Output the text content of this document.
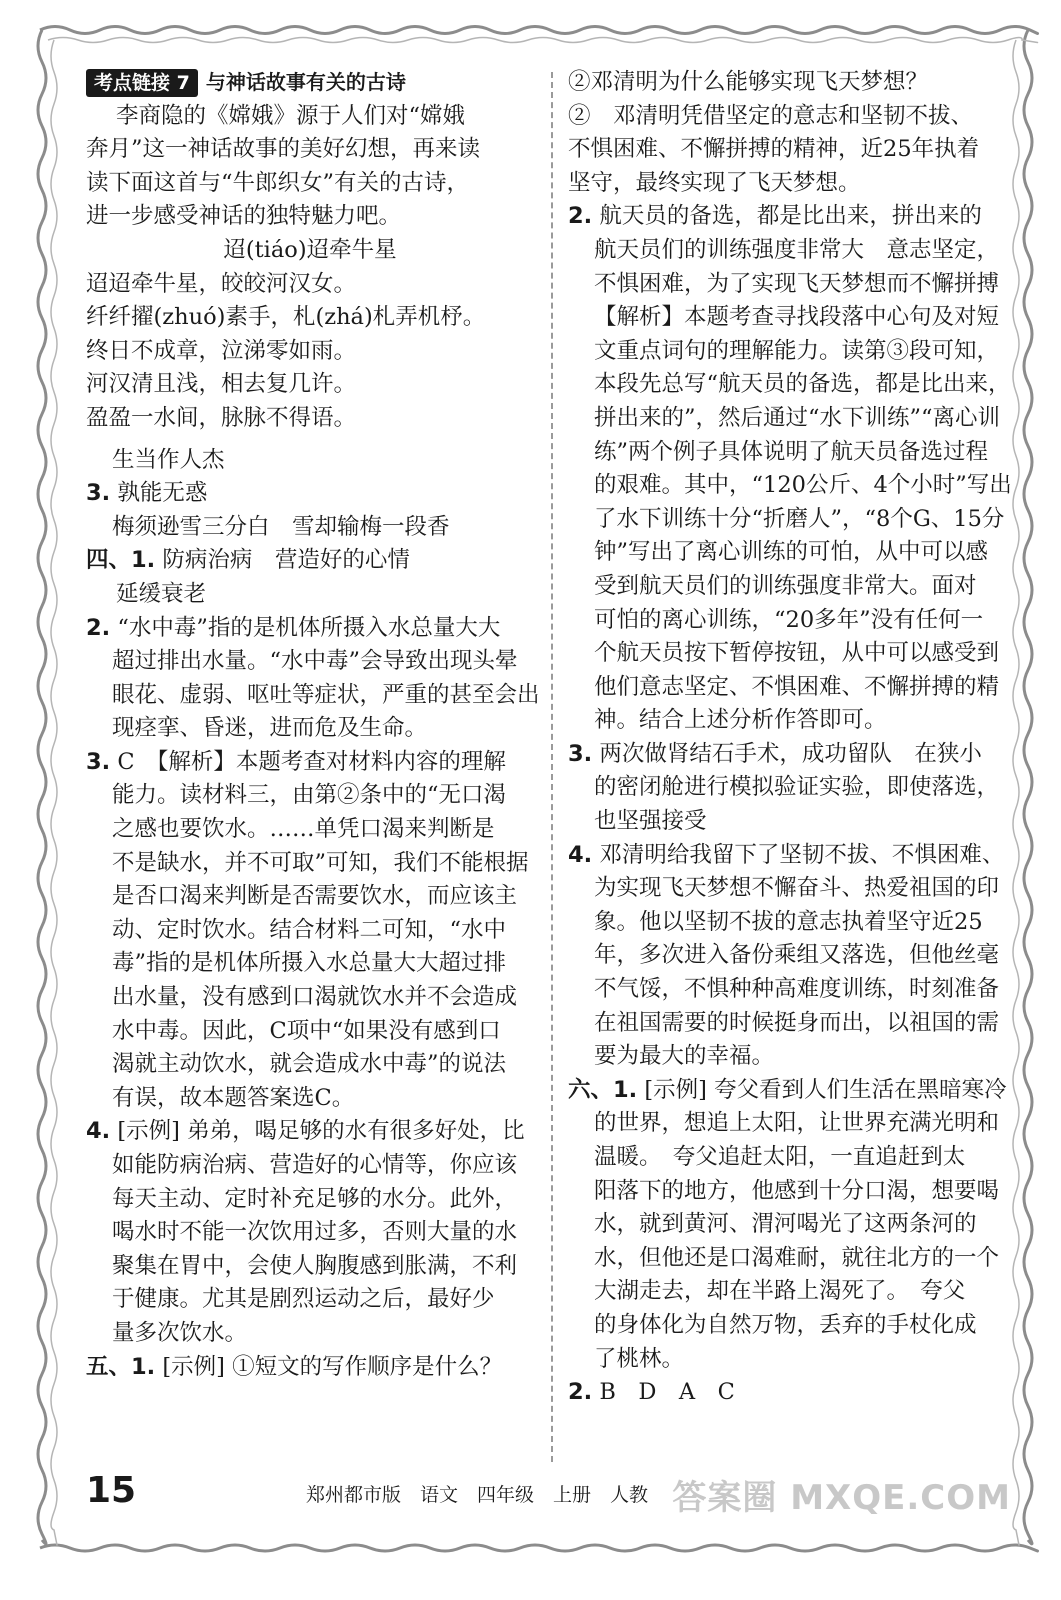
考点链接 7 与神话故事有关的古诗
李商隐的《嫦娥》源于人们对“嫦娥
奔月”这一神话故事的美好幻想，再来读
读下面这首与“牛郎织女”有关的古诗，
进一步感受神话的独特魅力吧。
迢(tiáo)迢牵牛星
迢迢牵牛星，皎皎河汉女。
纤纤擢(zhuó)素手，札(zhá)札弄机杼。
终日不成章，泣涕零如雨。
河汉清且浅，相去复几许。
盈盈一水间，脉脉不得语。
生当作人杰
3. 孰能无惑
梅须逊雪三分白　雪却输梅一段香
四、1. 防病治病　营造好的心情
延缓衰老
2. “水中毒”指的是机体所摄入水总量大大
超过排出水量。“水中毒”会导致出现头晕
眼花、虚弱、呕吐等症状，严重的甚至会出
现痉挛、昏迷，进而危及生命。
3. C　【解析】本题考查对材料内容的理解
能力。读材料三，由第②条中的“无口渴
之感也要饮水。……单凭口渴来判断是
不是缺水，并不可取”可知，我们不能根据
是否口渴来判断是否需要饮水，而应该主
动、定时饮水。结合材料二可知，“水中
毒”指的是机体所摄入水总量大大超过排
出水量，没有感到口渴就饮水并不会造成
水中毒。因此，C项中“如果没有感到口
渴就主动饮水，就会造成水中毒”的说法
有误，故本题答案选C。
4. [示例] 弟弟，喝足够的水有很多好处，比
如能防病治病、营造好的心情等，你应该
每天主动、定时补充足够的水分。此外，
喝水时不能一次饮用过多，否则大量的水
聚集在胃中，会使人胸腹感到胀满，不利
于健康。尤其是剧烈运动之后，最好少
量多次饮水。
五、1. [示例] ①短文的写作顺序是什么？
②邓清明为什么能够实现飞天梦想？
②　邓清明凭借坚定的意志和坚韧不拔、
不惧困难、不懈拼搏的精神，近25年执着
坚守，最终实现了飞天梦想。
2. 航天员的备选，都是比出来，拼出来的
航天员们的训练强度非常大　意志坚定，
不惧困难，为了实现飞天梦想而不懈拼搏
【解析】本题考查寻找段落中心句及对短
文重点词句的理解能力。读第③段可知，
本段先总写“航天员的备选，都是比出来，
拼出来的”，然后通过“水下训练”“离心训
练”两个例子具体说明了航天员备选过程
的艰难。其中，“120公斤、4个小时”写出
了水下训练十分“折磨人”，“8个G、15分
钟”写出了离心训练的可怕，从中可以感
受到航天员们的训练强度非常大。面对
可怕的离心训练，“20多年”没有任何一
个航天员按下暂停按钮，从中可以感受到
他们意志坚定、不惧困难、不懈拼搏的精
神。结合上述分析作答即可。
3. 两次做肾结石手术，成功留队　在狭小
的密闭舱进行模拟验证实验，即使落选，
也坚强接受
4. 邓清明给我留下了坚韧不拔、不惧困难、
为实现飞天梦想不懈奋斗、热爱祖国的印
象。他以坚韧不拔的意志执着坚守近25
年，多次进入备份乘组又落选，但他丝毫
不气馁，不惧种种高难度训练，时刻准备
在祖国需要的时候挺身而出，以祖国的需
要为最大的幸福。
六、1. [示例] 夸父看到人们生活在黑暗寒冷
的世界，想追上太阳，让世界充满光明和
温暖。　夸父追赶太阳，一直追赶到太
阳落下的地方，他感到十分口渴，想要喝
水，就到黄河、渭河喝光了这两条河的
水，但他还是口渴难耐，就往北方的一个
大湖走去，却在半路上渴死了。　夸父
的身体化为自然万物，丢弃的手杖化成
了桃林。
2. B　D　A　C
15	郑州都市版　语文　四年级　上册　人教 答案圈 MXQE.COM
